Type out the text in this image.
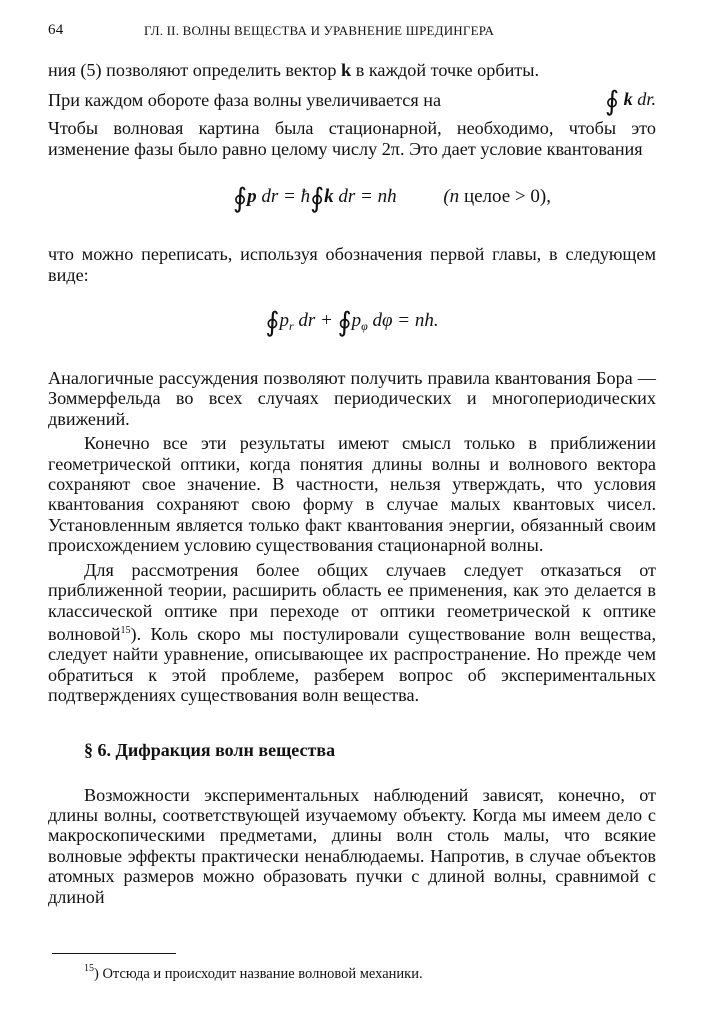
64	ГЛ. II. ВОЛНЫ ВЕЩЕСТВА И УРАВНЕНИЕ ШРЕДИНГЕРА

ния (5) позволяют определить вектор k в каждой точке орбиты.

При каждом обороте фаза волны увеличивается на	∮ k dr.

Чтобы волновая картина была стационарной, необходимо, чтобы это изменение фазы было равно целому числу 2π. Это дает условие квантования

∮p dr = ħ∮k dr = nh (n целое > 0),

что можно переписать, используя обозначения первой главы, в следующем виде:

$∮p_r$ dr + $∮p_\varphi$ dφ = nh.

Аналогичные рассуждения позволяют получить правила квантования Бора — Зоммерфельда во всех случаях периодических и многопериодических движений.

Конечно все эти результаты имеют смысл только в приближении геометрической оптики, когда понятия длины волны и волнового вектора сохраняют свое значение. В частности, нельзя утверждать, что условия квантования сохраняют свою форму в случае малых квантовых чисел. Установленным является только факт квантования энергии, обязанный своим происхождением условию существования стационарной волны.

Для рассмотрения более общих случаев следует отказаться от приближенной теории, расширить область ее применения, как это делается в классической оптике при переходе от оптики геометрической к оптике волновой$^{15}$). Коль скоро мы постулировали существование волн вещества, следует найти уравнение, описывающее их распространение. Но прежде чем обратиться к этой проблеме, разберем вопрос об экспериментальных подтверждениях существования волн вещества.

§ 6. Дифракция волн вещества

Возможности экспериментальных наблюдений зависят, конечно, от длины волны, соответствующей изучаемому объекту. Когда мы имеем дело с макроскопическими предметами, длины волн столь малы, что всякие волновые эффекты практически ненаблюдаемы. Напротив, в случае объектов атомных размеров можно образовать пучки с длиной волны, сравнимой с длиной

$^{15}$) Отсюда и происходит название волновой механики.
